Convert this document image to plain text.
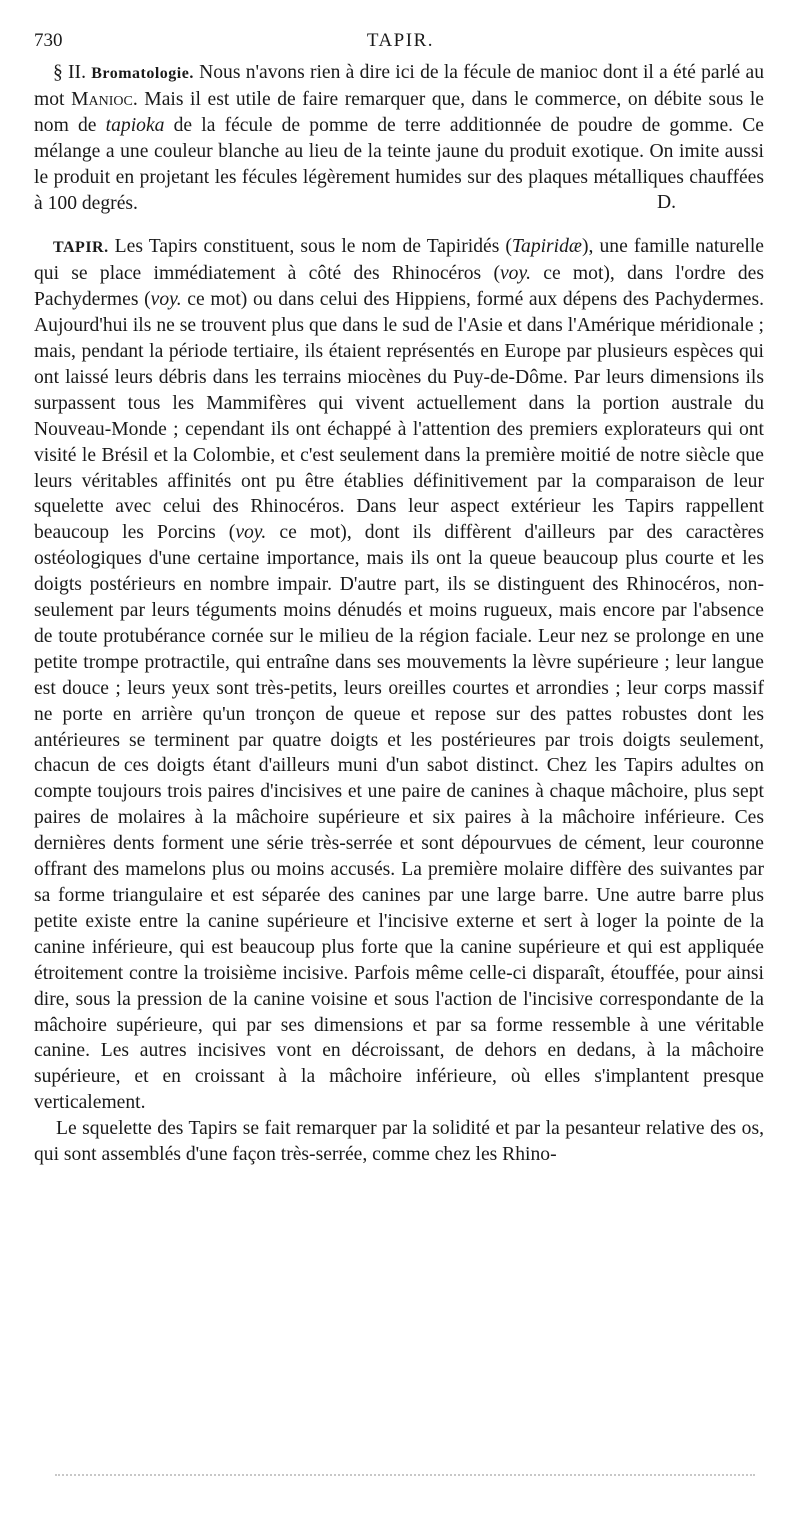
730	TAPIR.

§ II. Bromatologie. Nous n'avons rien à dire ici de la fécule de manioc dont il a été parlé au mot Manioc. Mais il est utile de faire remarquer que, dans le commerce, on débite sous le nom de tapioka de la fécule de pomme de terre additionnée de poudre de gomme. Ce mélange a une couleur blanche au lieu de la teinte jaune du produit exotique. On imite aussi le produit en projetant les fécules légèrement humides sur des plaques métalliques chauffées à 100 degrés.	D.

TAPIR. Les Tapirs constituent, sous le nom de Tapiridés (Tapiridæ), une famille naturelle qui se place immédiatement à côté des Rhinocéros (voy. ce mot), dans l'ordre des Pachydermes (voy. ce mot) ou dans celui des Hippiens, formé aux dépens des Pachydermes. Aujourd'hui ils ne se trouvent plus que dans le sud de l'Asie et dans l'Amérique méridionale ; mais, pendant la période tertiaire, ils étaient représentés en Europe par plusieurs espèces qui ont laissé leurs débris dans les terrains miocènes du Puy-de-Dôme. Par leurs dimensions ils surpassent tous les Mammifères qui vivent actuellement dans la portion australe du Nouveau-Monde ; cependant ils ont échappé à l'attention des premiers explorateurs qui ont visité le Brésil et la Colombie, et c'est seulement dans la première moitié de notre siècle que leurs véritables affinités ont pu être établies définitivement par la comparaison de leur squelette avec celui des Rhinocéros. Dans leur aspect extérieur les Tapirs rappellent beaucoup les Porcins (voy. ce mot), dont ils diffèrent d'ailleurs par des caractères ostéologiques d'une certaine importance, mais ils ont la queue beaucoup plus courte et les doigts postérieurs en nombre impair. D'autre part, ils se distinguent des Rhinocéros, non-seulement par leurs téguments moins dénudés et moins rugueux, mais encore par l'absence de toute protubérance cornée sur le milieu de la région faciale. Leur nez se prolonge en une petite trompe protractile, qui entraîne dans ses mouvements la lèvre supérieure ; leur langue est douce ; leurs yeux sont très-petits, leurs oreilles courtes et arrondies ; leur corps massif ne porte en arrière qu'un tronçon de queue et repose sur des pattes robustes dont les antérieures se terminent par quatre doigts et les postérieures par trois doigts seulement, chacun de ces doigts étant d'ailleurs muni d'un sabot distinct. Chez les Tapirs adultes on compte toujours trois paires d'incisives et une paire de canines à chaque mâchoire, plus sept paires de molaires à la mâchoire supérieure et six paires à la mâchoire inférieure. Ces dernières dents forment une série très-serrée et sont dépourvues de cément, leur couronne offrant des mamelons plus ou moins accusés. La première molaire diffère des suivantes par sa forme triangulaire et est séparée des canines par une large barre. Une autre barre plus petite existe entre la canine supérieure et l'incisive externe et sert à loger la pointe de la canine inférieure, qui est beaucoup plus forte que la canine supérieure et qui est appliquée étroitement contre la troisième incisive. Parfois même celle-ci disparaît, étouffée, pour ainsi dire, sous la pression de la canine voisine et sous l'action de l'incisive correspondante de la mâchoire supérieure, qui par ses dimensions et par sa forme ressemble à une véritable canine. Les autres incisives vont en décroissant, de dehors en dedans, à la mâchoire supérieure, et en croissant à la mâchoire inférieure, où elles s'implantent presque verticalement.

Le squelette des Tapirs se fait remarquer par la solidité et par la pesanteur relative des os, qui sont assemblés d'une façon très-serrée, comme chez les Rhino-
